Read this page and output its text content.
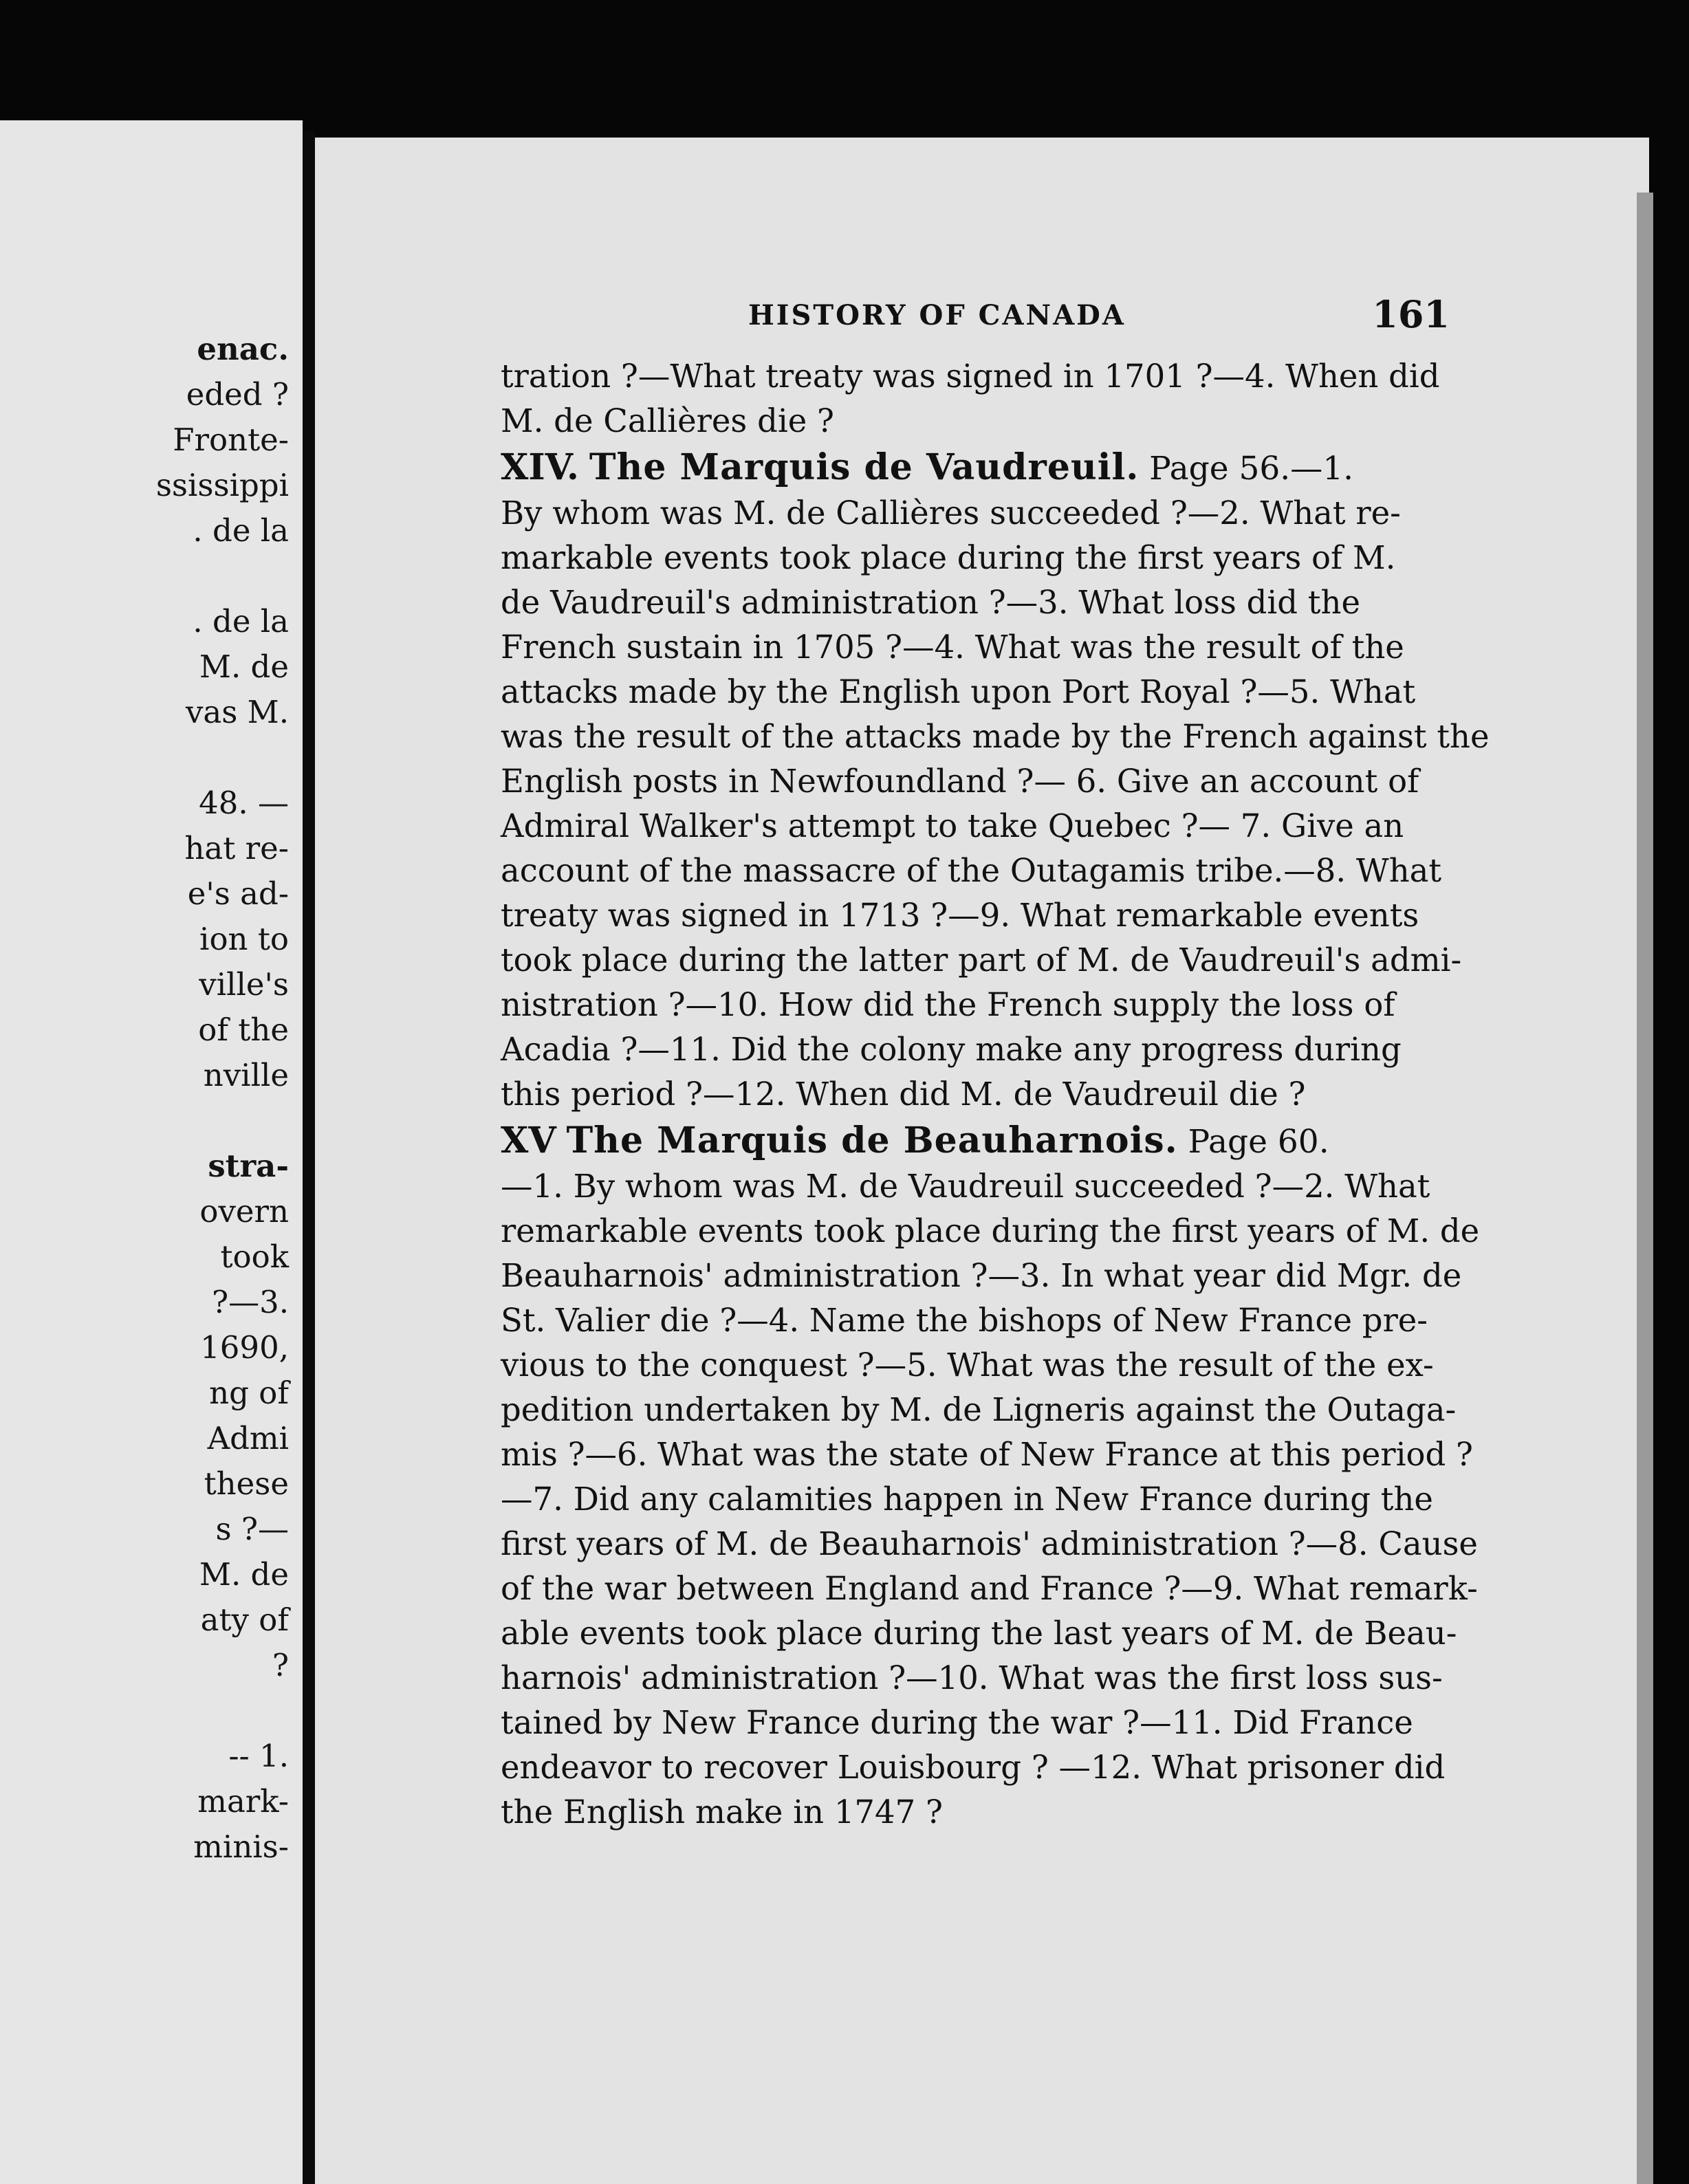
enac.
eded ?
Fronte-
ssissippi
. de la
. de la
M. de
vas M.
48. —
hat re-
e's ad-
ion to
ville's
of the
nville
stra-
overn
took
?—3.
1690,
ng of
Admi
these
s ?—
M. de
aty of
?
-- 1.
mark-
minis-
HISTORY OF CANADA	161
tration ?—What treaty was signed in 1701 ?—4. When did
M. de Callières die ?
XIV. The Marquis de Vaudreuil. Page 56.—1.
By whom was M. de Callières succeeded ?—2. What re-
markable events took place during the first years of M.
de Vaudreuil's administration ?—3. What loss did the
French sustain in 1705 ?—4. What was the result of the
attacks made by the English upon Port Royal ?—5. What
was the result of the attacks made by the French against the
English posts in Newfoundland ?— 6. Give an account of
Admiral Walker's attempt to take Quebec ?— 7. Give an
account of the massacre of the Outagamis tribe.—8. What
treaty was signed in 1713 ?—9. What remarkable events
took place during the latter part of M. de Vaudreuil's admi-
nistration ?—10. How did the French supply the loss of
Acadia ?—11. Did the colony make any progress during
this period ?—12. When did M. de Vaudreuil die ?
XV The Marquis de Beauharnois. Page 60.
—1. By whom was M. de Vaudreuil succeeded ?—2. What
remarkable events took place during the first years of M. de
Beauharnois' administration ?—3. In what year did Mgr. de
St. Valier die ?—4. Name the bishops of New France pre-
vious to the conquest ?—5. What was the result of the ex-
pedition undertaken by M. de Ligneris against the Outaga-
mis ?—6. What was the state of New France at this period ?
—7. Did any calamities happen in New France during the
first years of M. de Beauharnois' administration ?—8. Cause
of the war between England and France ?—9. What remark-
able events took place during the last years of M. de Beau-
harnois' administration ?—10. What was the first loss sus-
tained by New France during the war ?—11. Did France
endeavor to recover Louisbourg ? —12. What prisoner did
the English make in 1747 ?
